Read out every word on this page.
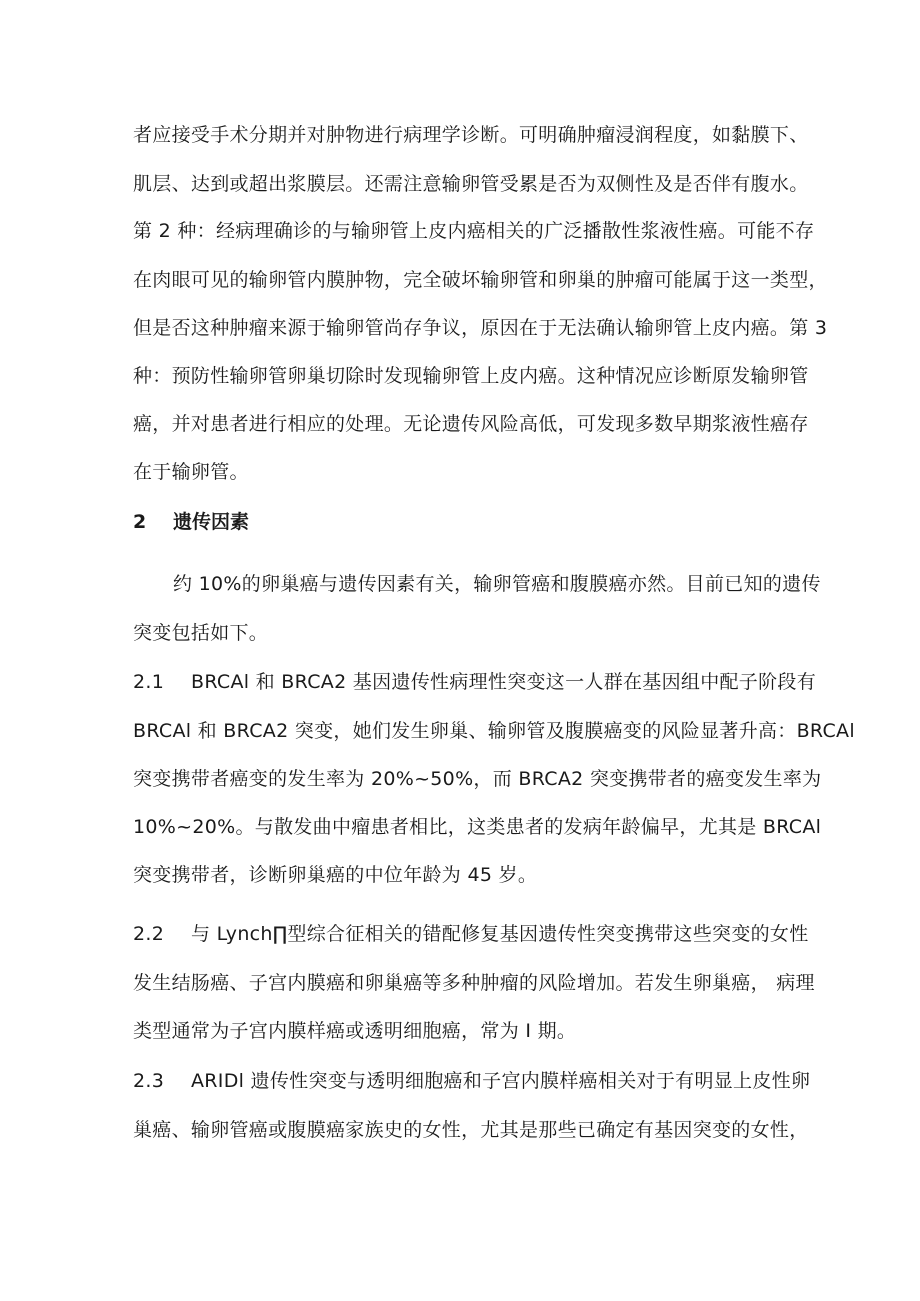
者应接受手术分期并对肿物进行病理学诊断。可明确肿瘤浸润程度，如黏膜下、
肌层、达到或超出浆膜层。还需注意输卵管受累是否为双侧性及是否伴有腹水。
第 2 种：经病理确诊的与输卵管上皮内癌相关的广泛播散性浆液性癌。可能不存
在肉眼可见的输卵管内膜肿物，完全破坏输卵管和卵巢的肿瘤可能属于这一类型，
但是否这种肿瘤来源于输卵管尚存争议，原因在于无法确认输卵管上皮内癌。第 3
种：预防性输卵管卵巢切除时发现输卵管上皮内癌。这种情况应诊断原发输卵管
癌，并对患者进行相应的处理。无论遗传风险高低，可发现多数早期浆液性癌存
在于输卵管。
2 遗传因素
约 10%的卵巢癌与遗传因素有关，输卵管癌和腹膜癌亦然。目前已知的遗传
突变包括如下。
2.1 BRCAl 和 BRCA2 基因遗传性病理性突变这一人群在基因组中配子阶段有
BRCAl 和 BRCA2 突变，她们发生卵巢、输卵管及腹膜癌变的风险显著升高：BRCAl
突变携带者癌变的发生率为 20%~50%，而 BRCA2 突变携带者的癌变发生率为
10%~20%。与散发曲中瘤患者相比，这类患者的发病年龄偏早，尤其是 BRCAl
突变携带者，诊断卵巢癌的中位年龄为 45 岁。
2.2 与 Lynch∏型综合征相关的错配修复基因遗传性突变携带这些突变的女性
发生结肠癌、子宫内膜癌和卵巢癌等多种肿瘤的风险增加。若发生卵巢癌， 病理
类型通常为子宫内膜样癌或透明细胞癌，常为 I 期。
2.3 ARIDl 遗传性突变与透明细胞癌和子宫内膜样癌相关对于有明显上皮性卵
巢癌、输卵管癌或腹膜癌家族史的女性，尤其是那些已确定有基因突变的女性，
